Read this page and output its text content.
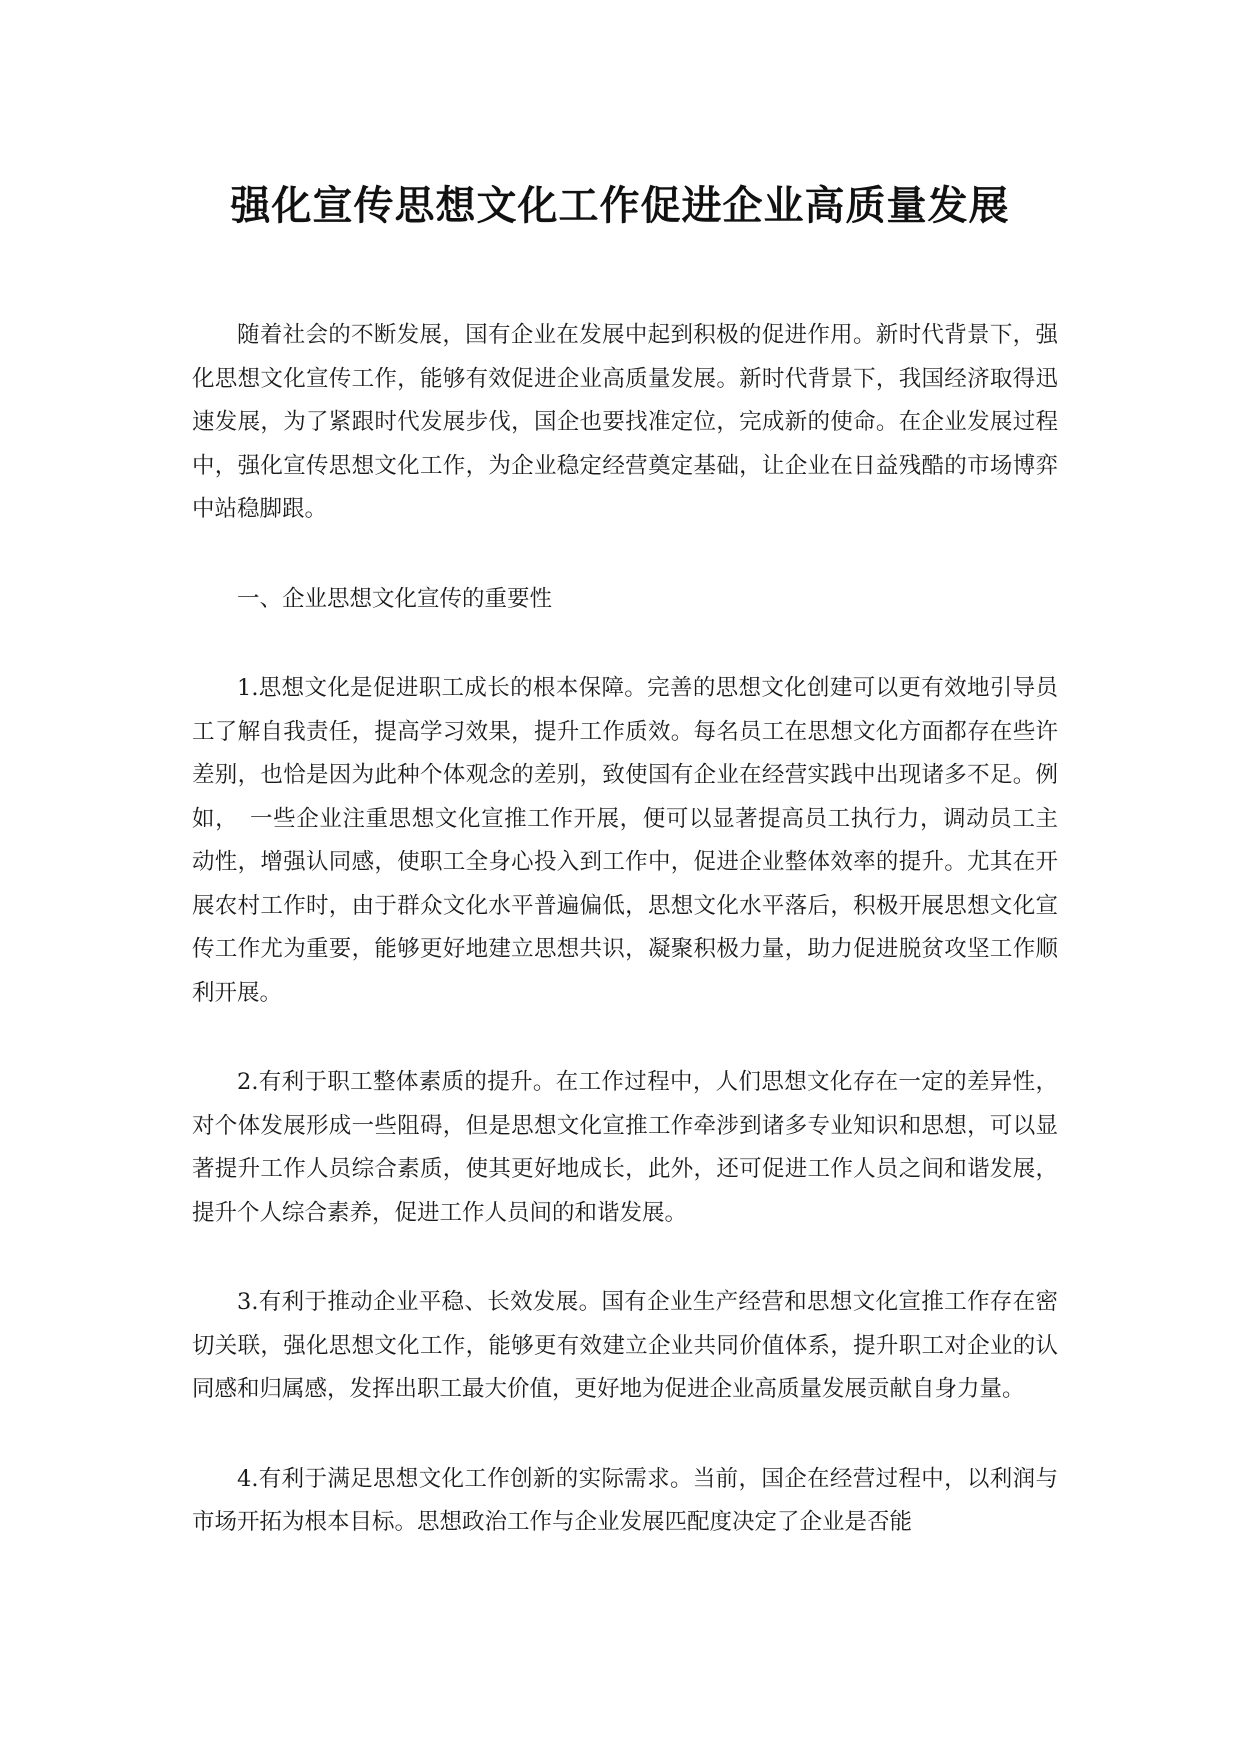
强化宣传思想文化工作促进企业高质量发展

随着社会的不断发展，国有企业在发展中起到积极的促进作用。新时代背景下，强化思想文化宣传工作，能够有效促进企业高质量发展。新时代背景下，我国经济取得迅速发展，为了紧跟时代发展步伐，国企也要找准定位，完成新的使命。在企业发展过程中，强化宣传思想文化工作，为企业稳定经营奠定基础，让企业在日益残酷的市场博弈中站稳脚跟。

一、企业思想文化宣传的重要性

1.思想文化是促进职工成长的根本保障。完善的思想文化创建可以更有效地引导员工了解自我责任，提高学习效果，提升工作质效。每名员工在思想文化方面都存在些许差别，也恰是因为此种个体观念的差别，致使国有企业在经营实践中出现诸多不足。例如，　一些企业注重思想文化宣推工作开展，便可以显著提高员工执行力，调动员工主动性，增强认同感，使职工全身心投入到工作中，促进企业整体效率的提升。尤其在开展农村工作时，由于群众文化水平普遍偏低，思想文化水平落后，积极开展思想文化宣传工作尤为重要，能够更好地建立思想共识，凝聚积极力量，助力促进脱贫攻坚工作顺利开展。

2.有利于职工整体素质的提升。在工作过程中，人们思想文化存在一定的差异性，对个体发展形成一些阻碍，但是思想文化宣推工作牵涉到诸多专业知识和思想，可以显著提升工作人员综合素质，使其更好地成长，此外，还可促进工作人员之间和谐发展，提升个人综合素养，促进工作人员间的和谐发展。

3.有利于推动企业平稳、长效发展。国有企业生产经营和思想文化宣推工作存在密切关联，强化思想文化工作，能够更有效建立企业共同价值体系，提升职工对企业的认同感和归属感，发挥出职工最大价值，更好地为促进企业高质量发展贡献自身力量。

4.有利于满足思想文化工作创新的实际需求。当前，国企在经营过程中，以利润与市场开拓为根本目标。思想政治工作与企业发展匹配度决定了企业是否能
